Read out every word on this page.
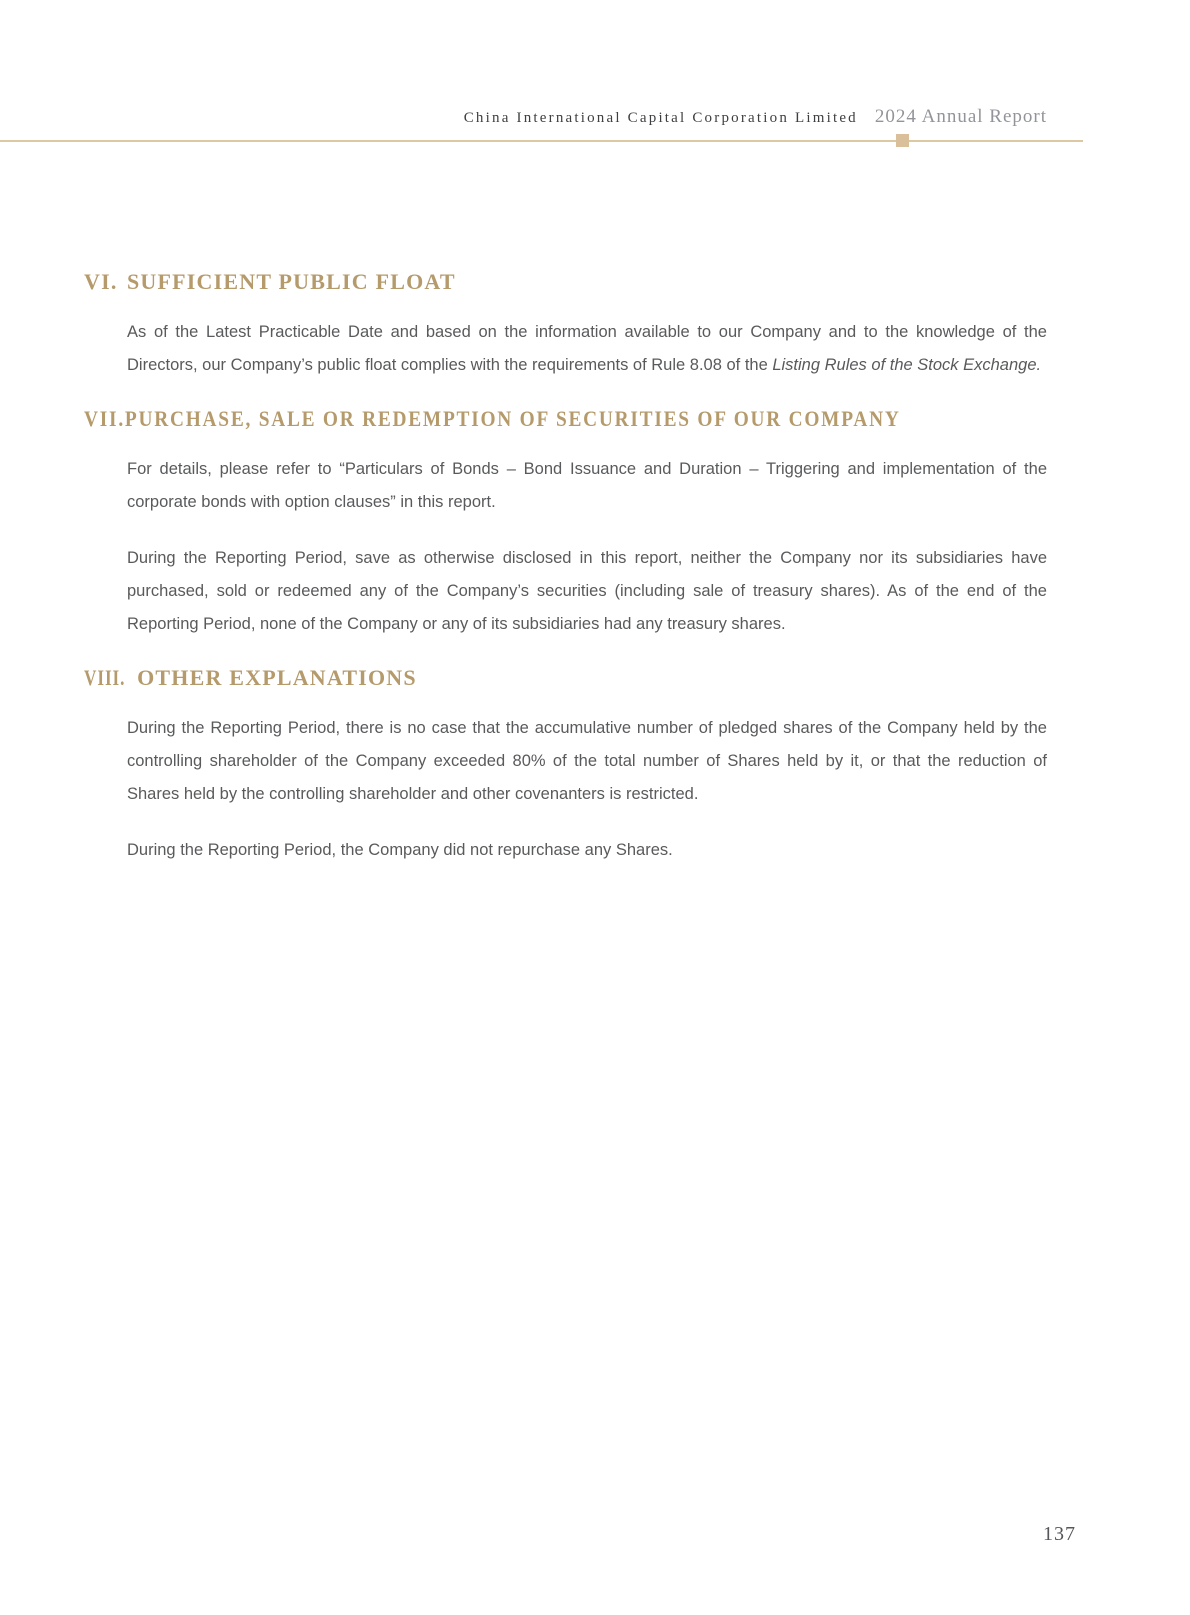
China International Capital Corporation Limited 2024 Annual Report
VI. SUFFICIENT PUBLIC FLOAT

As of the Latest Practicable Date and based on the information available to our Company and to the knowledge of the Directors, our Company’s public float complies with the requirements of Rule 8.08 of the Listing Rules of the Stock Exchange.

VII. PURCHASE, SALE OR REDEMPTION OF SECURITIES OF OUR COMPANY

For details, please refer to “Particulars of Bonds – Bond Issuance and Duration – Triggering and implementation of the corporate bonds with option clauses” in this report.

During the Reporting Period, save as otherwise disclosed in this report, neither the Company nor its subsidiaries have purchased, sold or redeemed any of the Company’s securities (including sale of treasury shares). As of the end of the Reporting Period, none of the Company or any of its subsidiaries had any treasury shares.

VIII. OTHER EXPLANATIONS

During the Reporting Period, there is no case that the accumulative number of pledged shares of the Company held by the controlling shareholder of the Company exceeded 80% of the total number of Shares held by it, or that the reduction of Shares held by the controlling shareholder and other covenanters is restricted.

During the Reporting Period, the Company did not repurchase any Shares.

137
